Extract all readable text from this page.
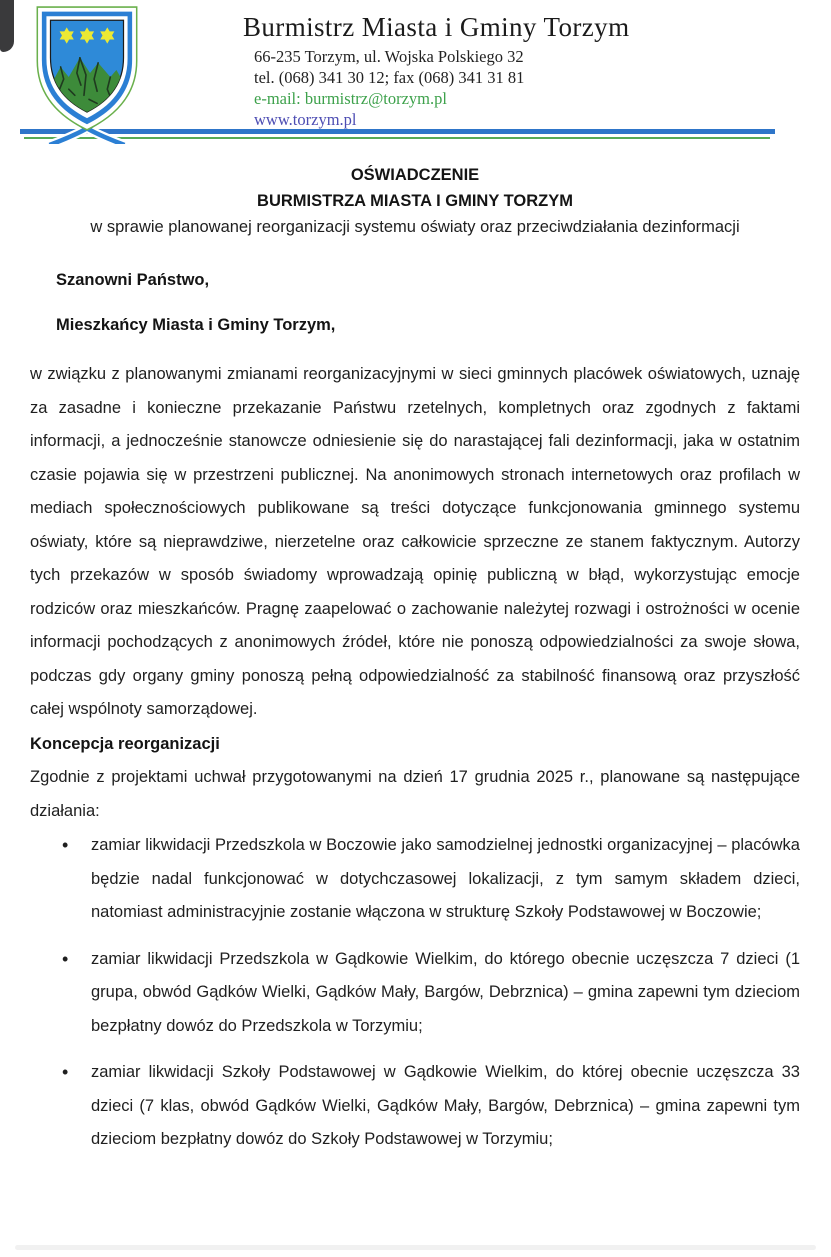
Burmistrz Miasta i Gminy Torzym
66-235 Torzym, ul. Wojska Polskiego 32
tel. (068) 341 30 12; fax (068) 341 31 81
e-mail: burmistrz@torzym.pl
www.torzym.pl
OŚWIADCZENIE
BURMISTRZA MIASTA I GMINY TORZYM
w sprawie planowanej reorganizacji systemu oświaty oraz przeciwdziałania dezinformacji
Szanowni Państwo,
Mieszkańcy Miasta i Gminy Torzym,
w związku z planowanymi zmianami reorganizacyjnymi w sieci gminnych placówek oświatowych, uznaję za zasadne i konieczne przekazanie Państwu rzetelnych, kompletnych oraz zgodnych z faktami informacji, a jednocześnie stanowcze odniesienie się do narastającej fali dezinformacji, jaka w ostatnim czasie pojawia się w przestrzeni publicznej. Na anonimowych stronach internetowych oraz profilach w mediach społecznościowych publikowane są treści dotyczące funkcjonowania gminnego systemu oświaty, które są nieprawdziwe, nierzetelne oraz całkowicie sprzeczne ze stanem faktycznym. Autorzy tych przekazów w sposób świadomy wprowadzają opinię publiczną w błąd, wykorzystując emocje rodziców oraz mieszkańców. Pragnę zaapelować o zachowanie należytej rozwagi i ostrożności w ocenie informacji pochodzących z anonimowych źródeł, które nie ponoszą odpowiedzialności za swoje słowa, podczas gdy organy gminy ponoszą pełną odpowiedzialność za stabilność finansową oraz przyszłość całej wspólnoty samorządowej.
Koncepcja reorganizacji
Zgodnie z projektami uchwał przygotowanymi na dzień 17 grudnia 2025 r., planowane są następujące działania:
• zamiar likwidacji Przedszkola w Boczowie jako samodzielnej jednostki organizacyjnej – placówka będzie nadal funkcjonować w dotychczasowej lokalizacji, z tym samym składem dzieci, natomiast administracyjnie zostanie włączona w strukturę Szkoły Podstawowej w Boczowie;
• zamiar likwidacji Przedszkola w Gądkowie Wielkim, do którego obecnie uczęszcza 7 dzieci (1 grupa, obwód Gądków Wielki, Gądków Mały, Bargów, Debrznica) – gmina zapewni tym dzieciom bezpłatny dowóz do Przedszkola w Torzymiu;
• zamiar likwidacji Szkoły Podstawowej w Gądkowie Wielkim, do której obecnie uczęszcza 33 dzieci (7 klas, obwód Gądków Wielki, Gądków Mały, Bargów, Debrznica) – gmina zapewni tym dzieciom bezpłatny dowóz do Szkoły Podstawowej w Torzymiu;
